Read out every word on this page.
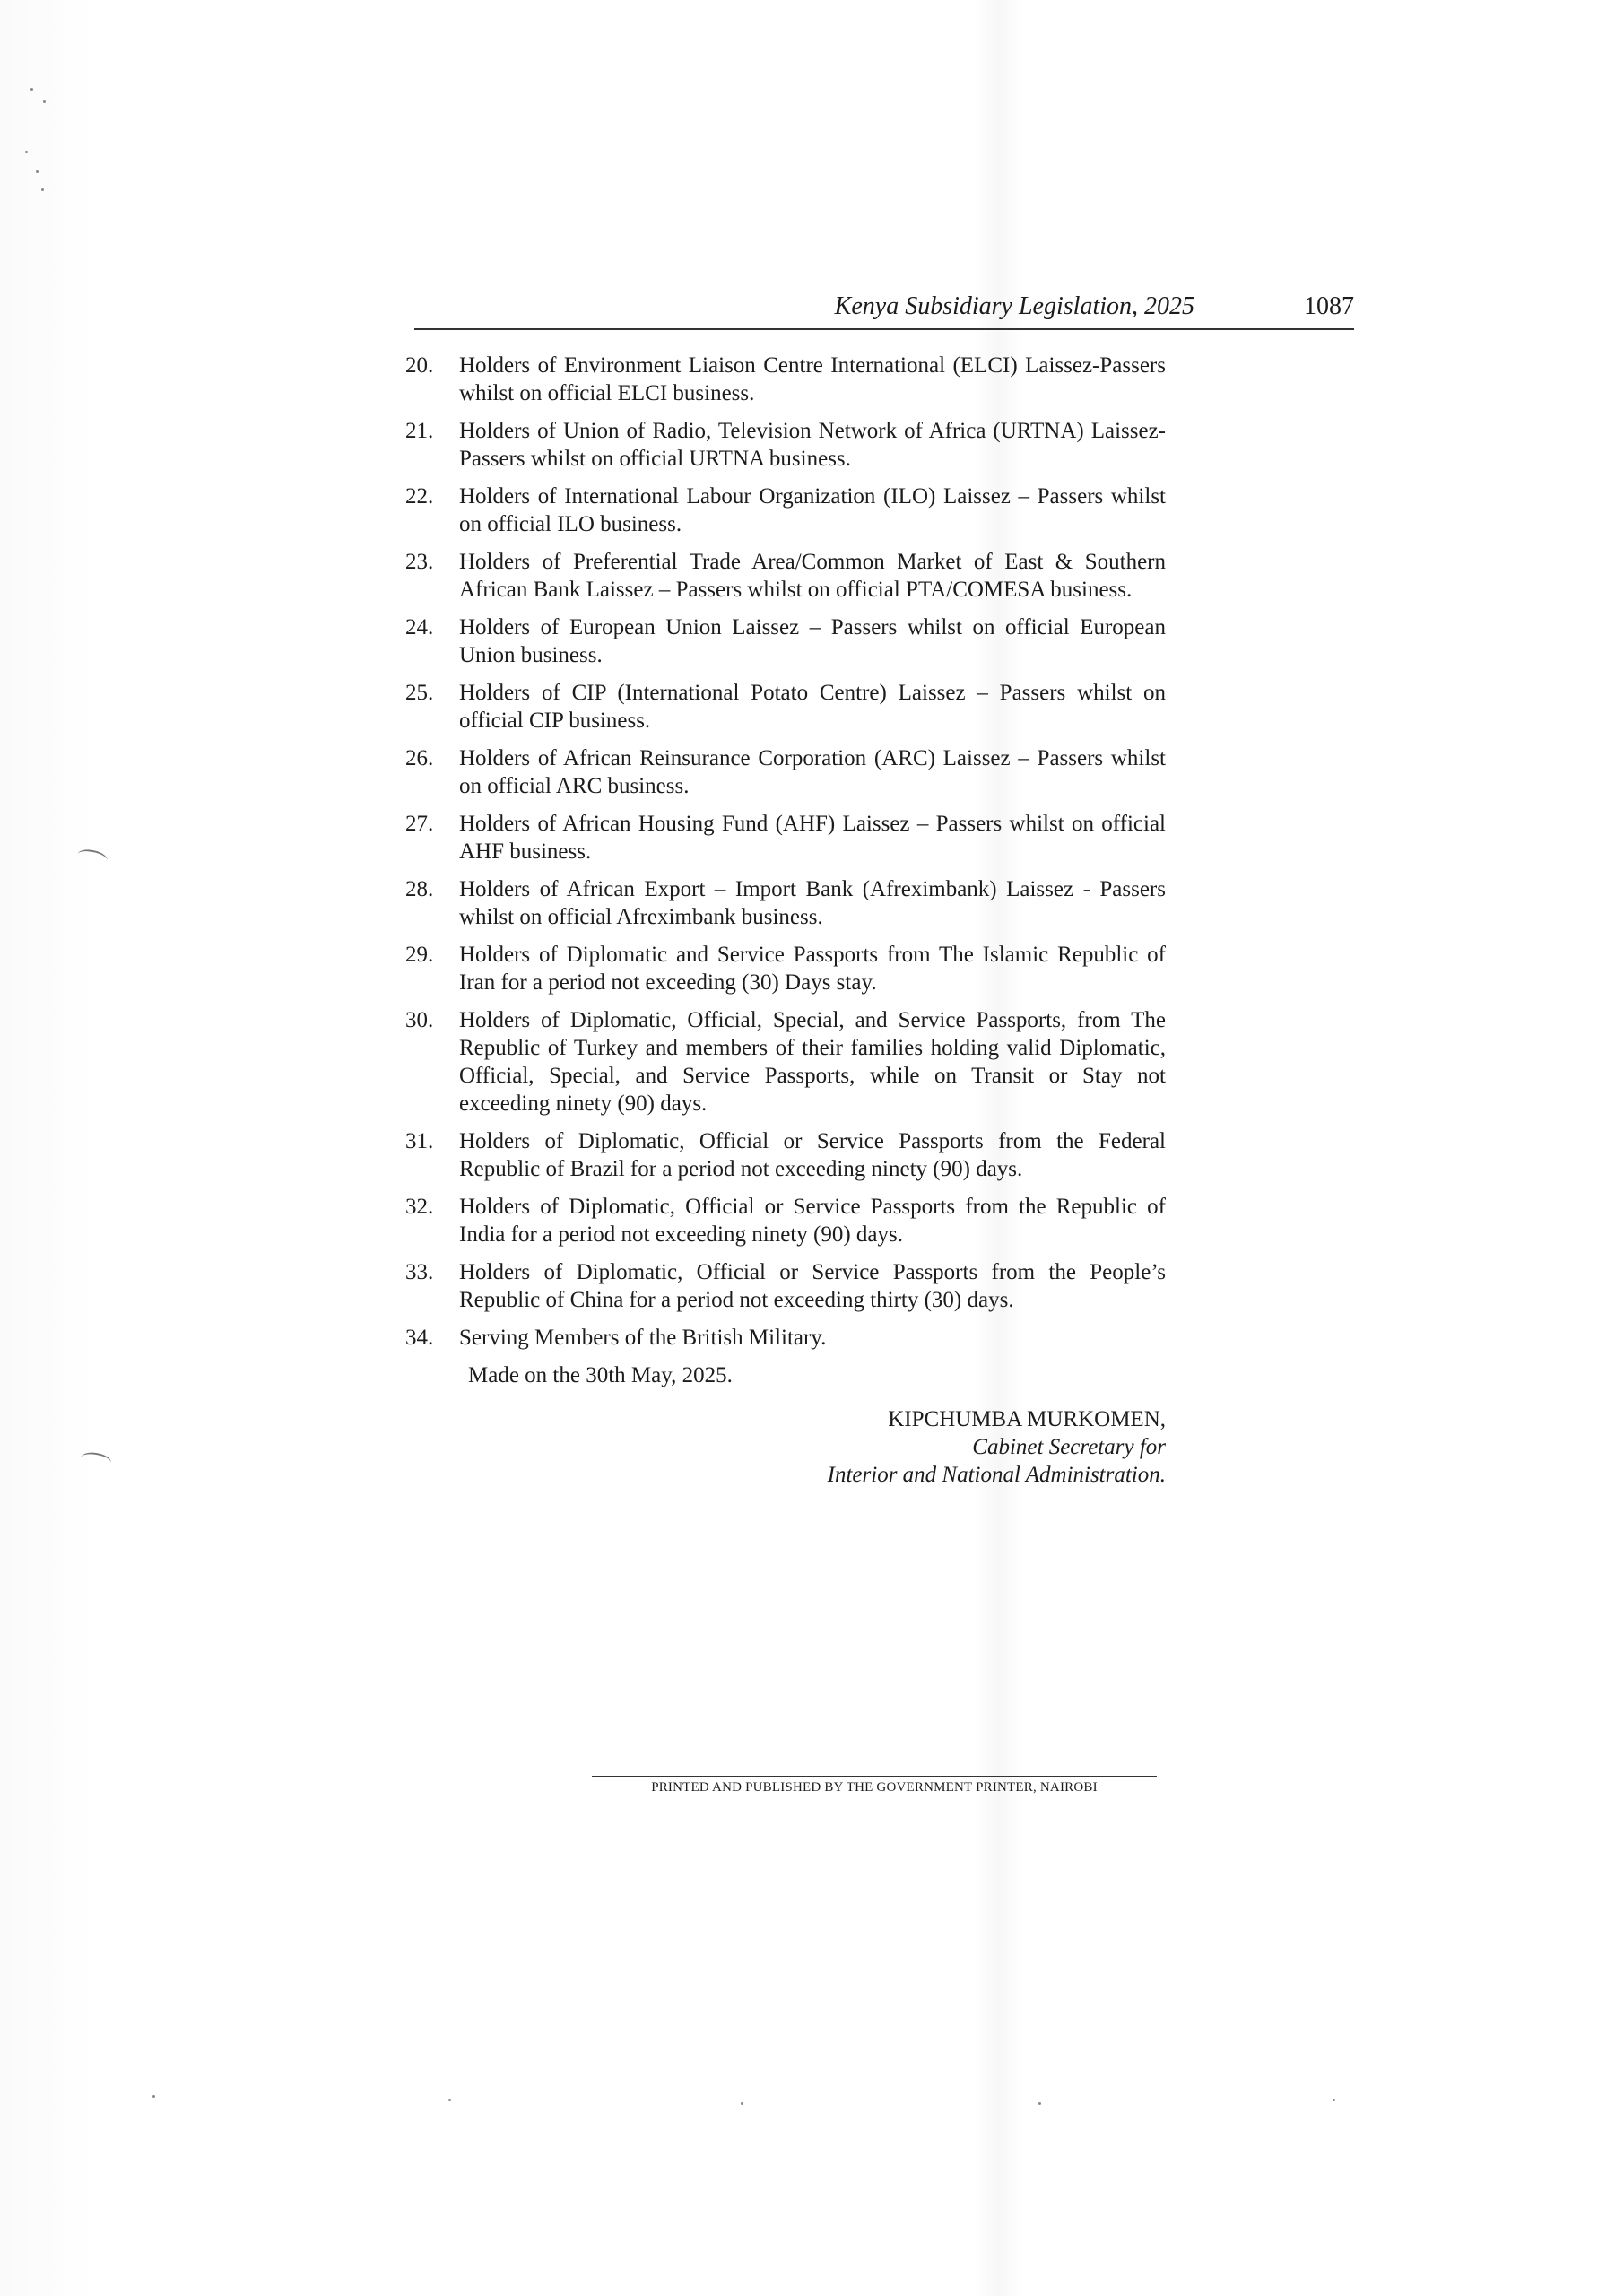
Kenya Subsidiary Legislation, 2025	1087
20.	Holders of Environment Liaison Centre International (ELCI) Laissez-Passers whilst on official ELCI business.
21.	Holders of Union of Radio, Television Network of Africa (URTNA) Laissez- Passers whilst on official URTNA business.
22.	Holders of International Labour Organization (ILO) Laissez – Passers whilst on official ILO business.
23.	Holders of Preferential Trade Area/Common Market of East & Southern African Bank Laissez – Passers whilst on official PTA/COMESA business.
24.	Holders of European Union Laissez – Passers whilst on official European Union business.
25.	Holders of CIP (International Potato Centre) Laissez – Passers whilst on official CIP business.
26.	Holders of African Reinsurance Corporation (ARC) Laissez – Passers whilst on official ARC business.
27.	Holders of African Housing Fund (AHF) Laissez – Passers whilst on official AHF business.
28.	Holders of African Export – Import Bank (Afreximbank) Laissez - Passers whilst on official Afreximbank business.
29.	Holders of Diplomatic and Service Passports from The Islamic Republic of Iran for a period not exceeding (30) Days stay.
30.	Holders of Diplomatic, Official, Special, and Service Passports, from The Republic of Turkey and members of their families holding valid Diplomatic, Official, Special, and Service Passports, while on Transit or Stay not exceeding ninety (90) days.
31.	Holders of Diplomatic, Official or Service Passports from the Federal Republic of Brazil for a period not exceeding ninety (90) days.
32.	Holders of Diplomatic, Official or Service Passports from the Republic of India for a period not exceeding ninety (90) days.
33.	Holders of Diplomatic, Official or Service Passports from the People’s Republic of China for a period not exceeding thirty (30) days.
34.	Serving Members of the British Military.
Made on the 30th May, 2025.
KIPCHUMBA MURKOMEN,
Cabinet Secretary for
Interior and National Administration.
PRINTED AND PUBLISHED BY THE GOVERNMENT PRINTER, NAIROBI
